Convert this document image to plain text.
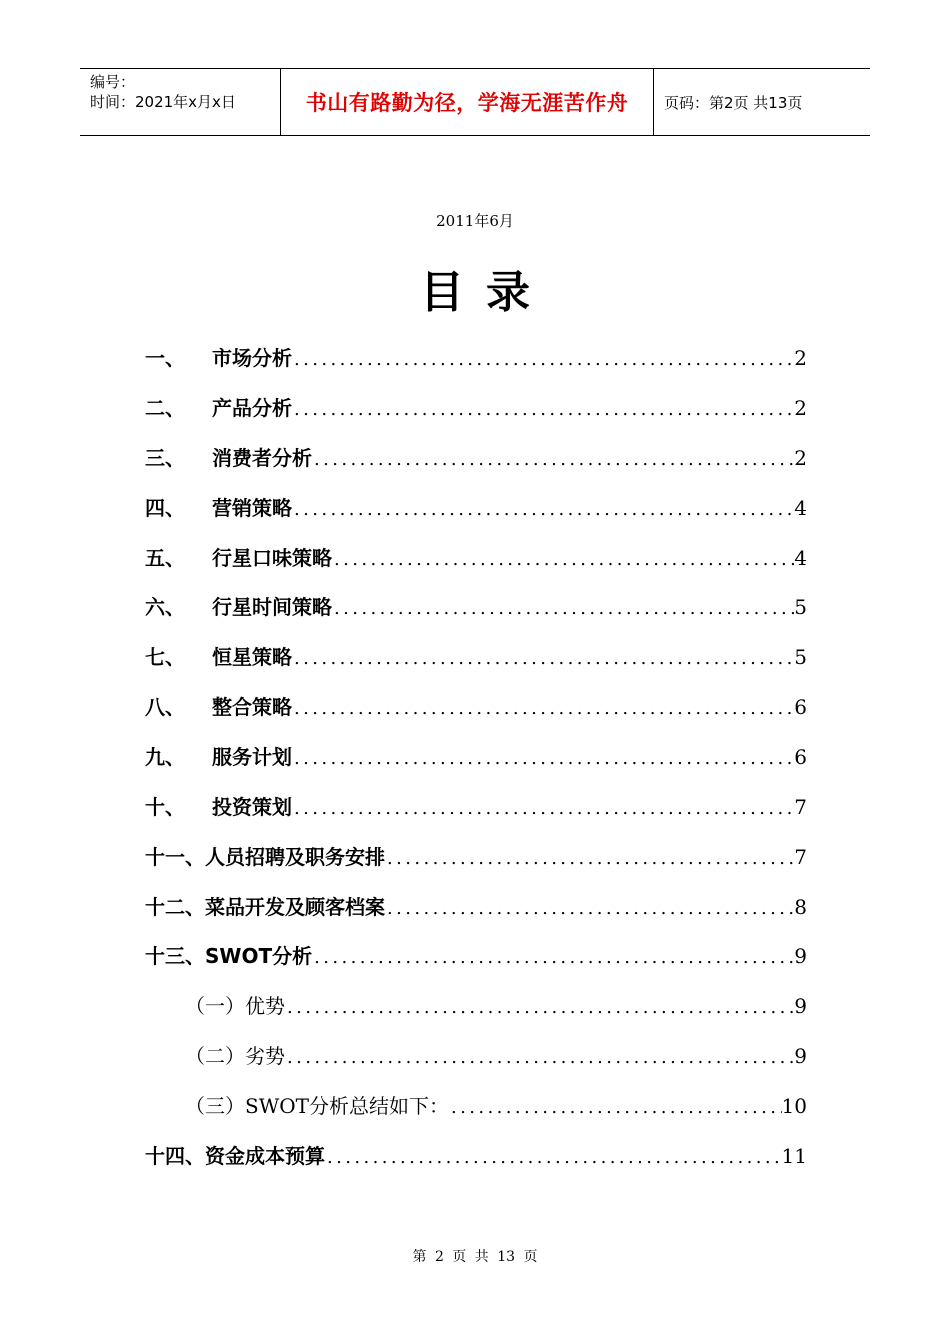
编号：
时间：2021年x月x日	书山有路勤为径，学海无涯苦作舟 页码：第2页 共13页
2011年6月
目录
一、	市场分析 .....	2
二、	产品分析 .....	2
三、	消费者分析 .....	2
四、	营销策略 .....	4
五、	行星口味策略 .....	4
六、	行星时间策略 .....	5
七、	恒星策略 .....	5
八、	整合策略 .....	6
九、	服务计划 .....	6
十、	投资策划 .....	7
十一、 人员招聘及职务安排 .....	7
十二、 菜品开发及顾客档案 .....	8
十三、 SWOT分析 .....	9
（一）优势 .....	9
（二）劣势 .....	9
（三）SWOT分析总结如下： .....	10
十四、 资金成本预算 .....	11
第 2 页 共 13 页
